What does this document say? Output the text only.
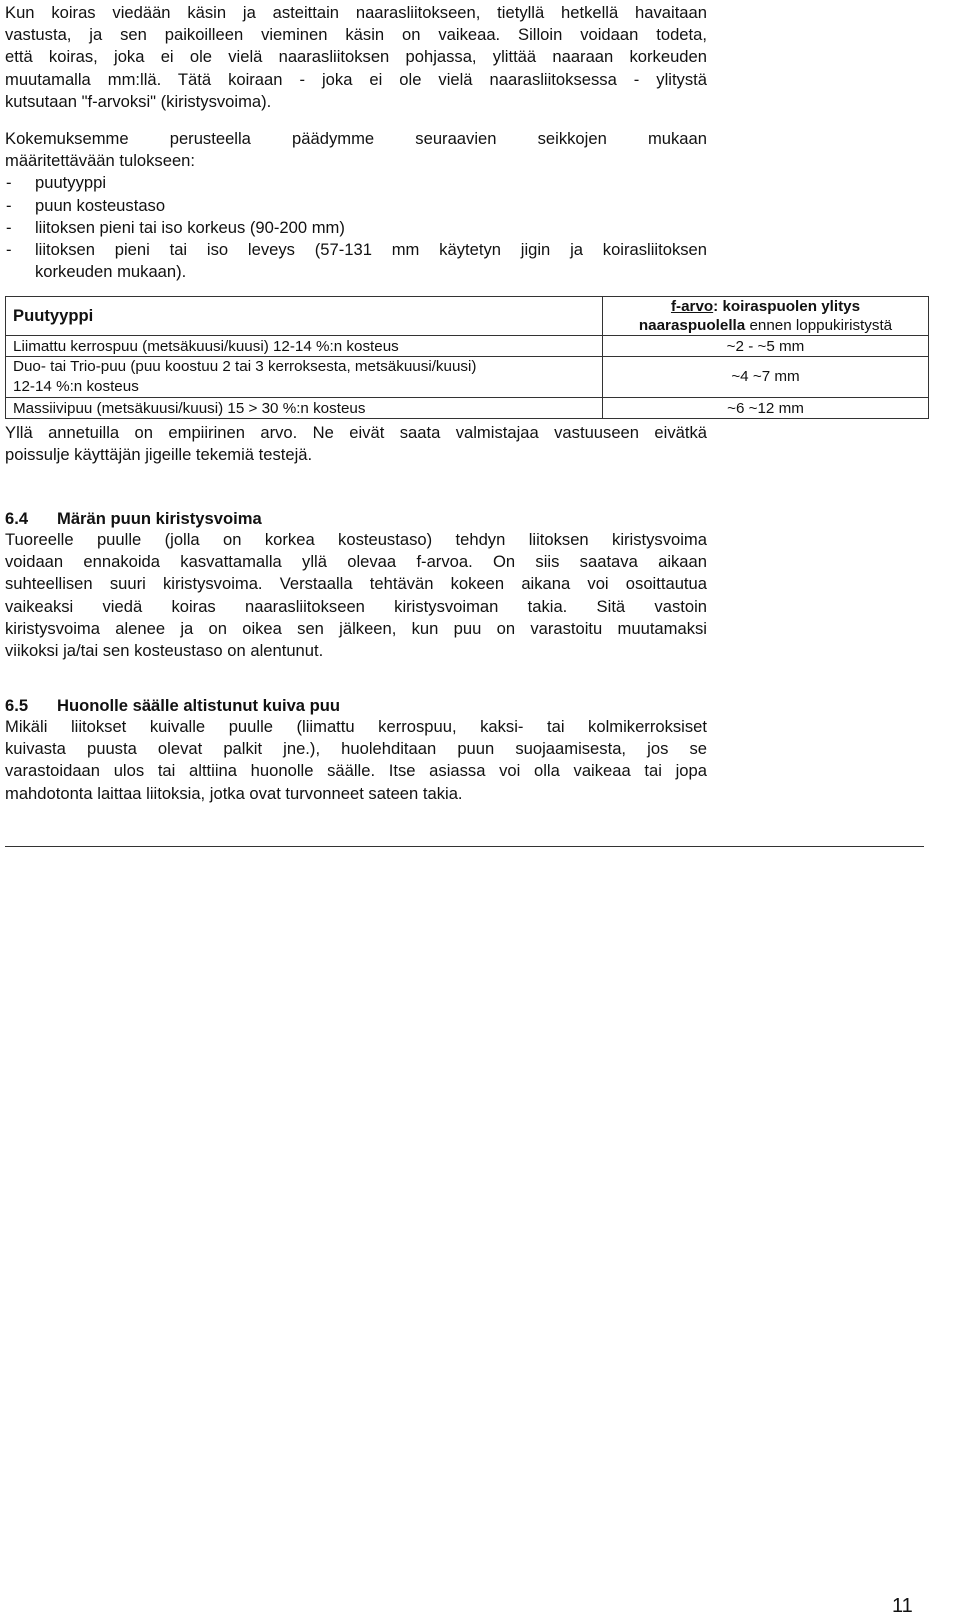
Kun koiras viedään käsin ja asteittain naarasliitokseen, tietyllä hetkellä havaitaan
vastusta, ja sen paikoilleen vieminen käsin on vaikeaa. Silloin voidaan todeta,
että koiras, joka ei ole vielä naarasliitoksen pohjassa, ylittää naaraan korkeuden
muutamalla mm:llä. Tätä koiraan - joka ei ole vielä naarasliitoksessa - ylitystä
kutsutaan "f-arvoksi" (kiristysvoima).
Kokemuksemme perusteella päädymme seuraavien seikkojen mukaan
määritettävään tulokseen:
- puutyyppi
- puun kosteustaso
- liitoksen pieni tai iso korkeus (90-200 mm)
-	liitoksen pieni tai iso leveys (57-131 mm käytetyn jigin ja koirasliitoksen
korkeuden mukaan).
6.4 Märän puun kiristysvoima
Tuoreelle puulle (jolla on korkea kosteustaso) tehdyn liitoksen kiristysvoima
voidaan ennakoida kasvattamalla yllä olevaa f-arvoa. On siis saatava aikaan
suhteellisen suuri kiristysvoima. Verstaalla tehtävän kokeen aikana voi osoittautua
vaikeaksi viedä koiras naarasliitokseen kiristysvoiman takia. Sitä vastoin
kiristysvoima alenee ja on oikea sen jälkeen, kun puu on varastoitu muutamaksi
viikoksi ja/tai sen kosteustaso on alentunut.
6.5 Huonolle säälle altistunut kuiva puu
Mikäli liitokset kuivalle puulle (liimattu kerrospuu, kaksi- tai kolmikerroksiset
kuivasta puusta olevat palkit jne.), huolehditaan puun suojaamisesta, jos se
varastoidaan ulos tai alttiina huonolle säälle. Itse asiassa voi olla vaikeaa tai jopa
mahdotonta laittaa liitoksia, jotka ovat turvonneet sateen takia.
Yllä annetuilla on empiirinen arvo. Ne eivät saata valmistajaa vastuuseen eivätkä
poissulje käyttäjän jigeille tekemiä testejä.
Puutyyppi	f-arvo: koiraspuolen ylitys
naaraspuolella ennen loppukiristystä
Liimattu kerrospuu (metsäkuusi/kuusi) 12-14 %:n kosteus	~2 - ~5 mm
Duo- tai Trio-puu (puu koostuu 2 tai 3 kerroksesta, metsäkuusi/kuusi)
12-14 %:n kosteus	~4 ~7 mm
Massiivipuu (metsäkuusi/kuusi) 15 > 30 %:n kosteus	~6 ~12 mm
11
